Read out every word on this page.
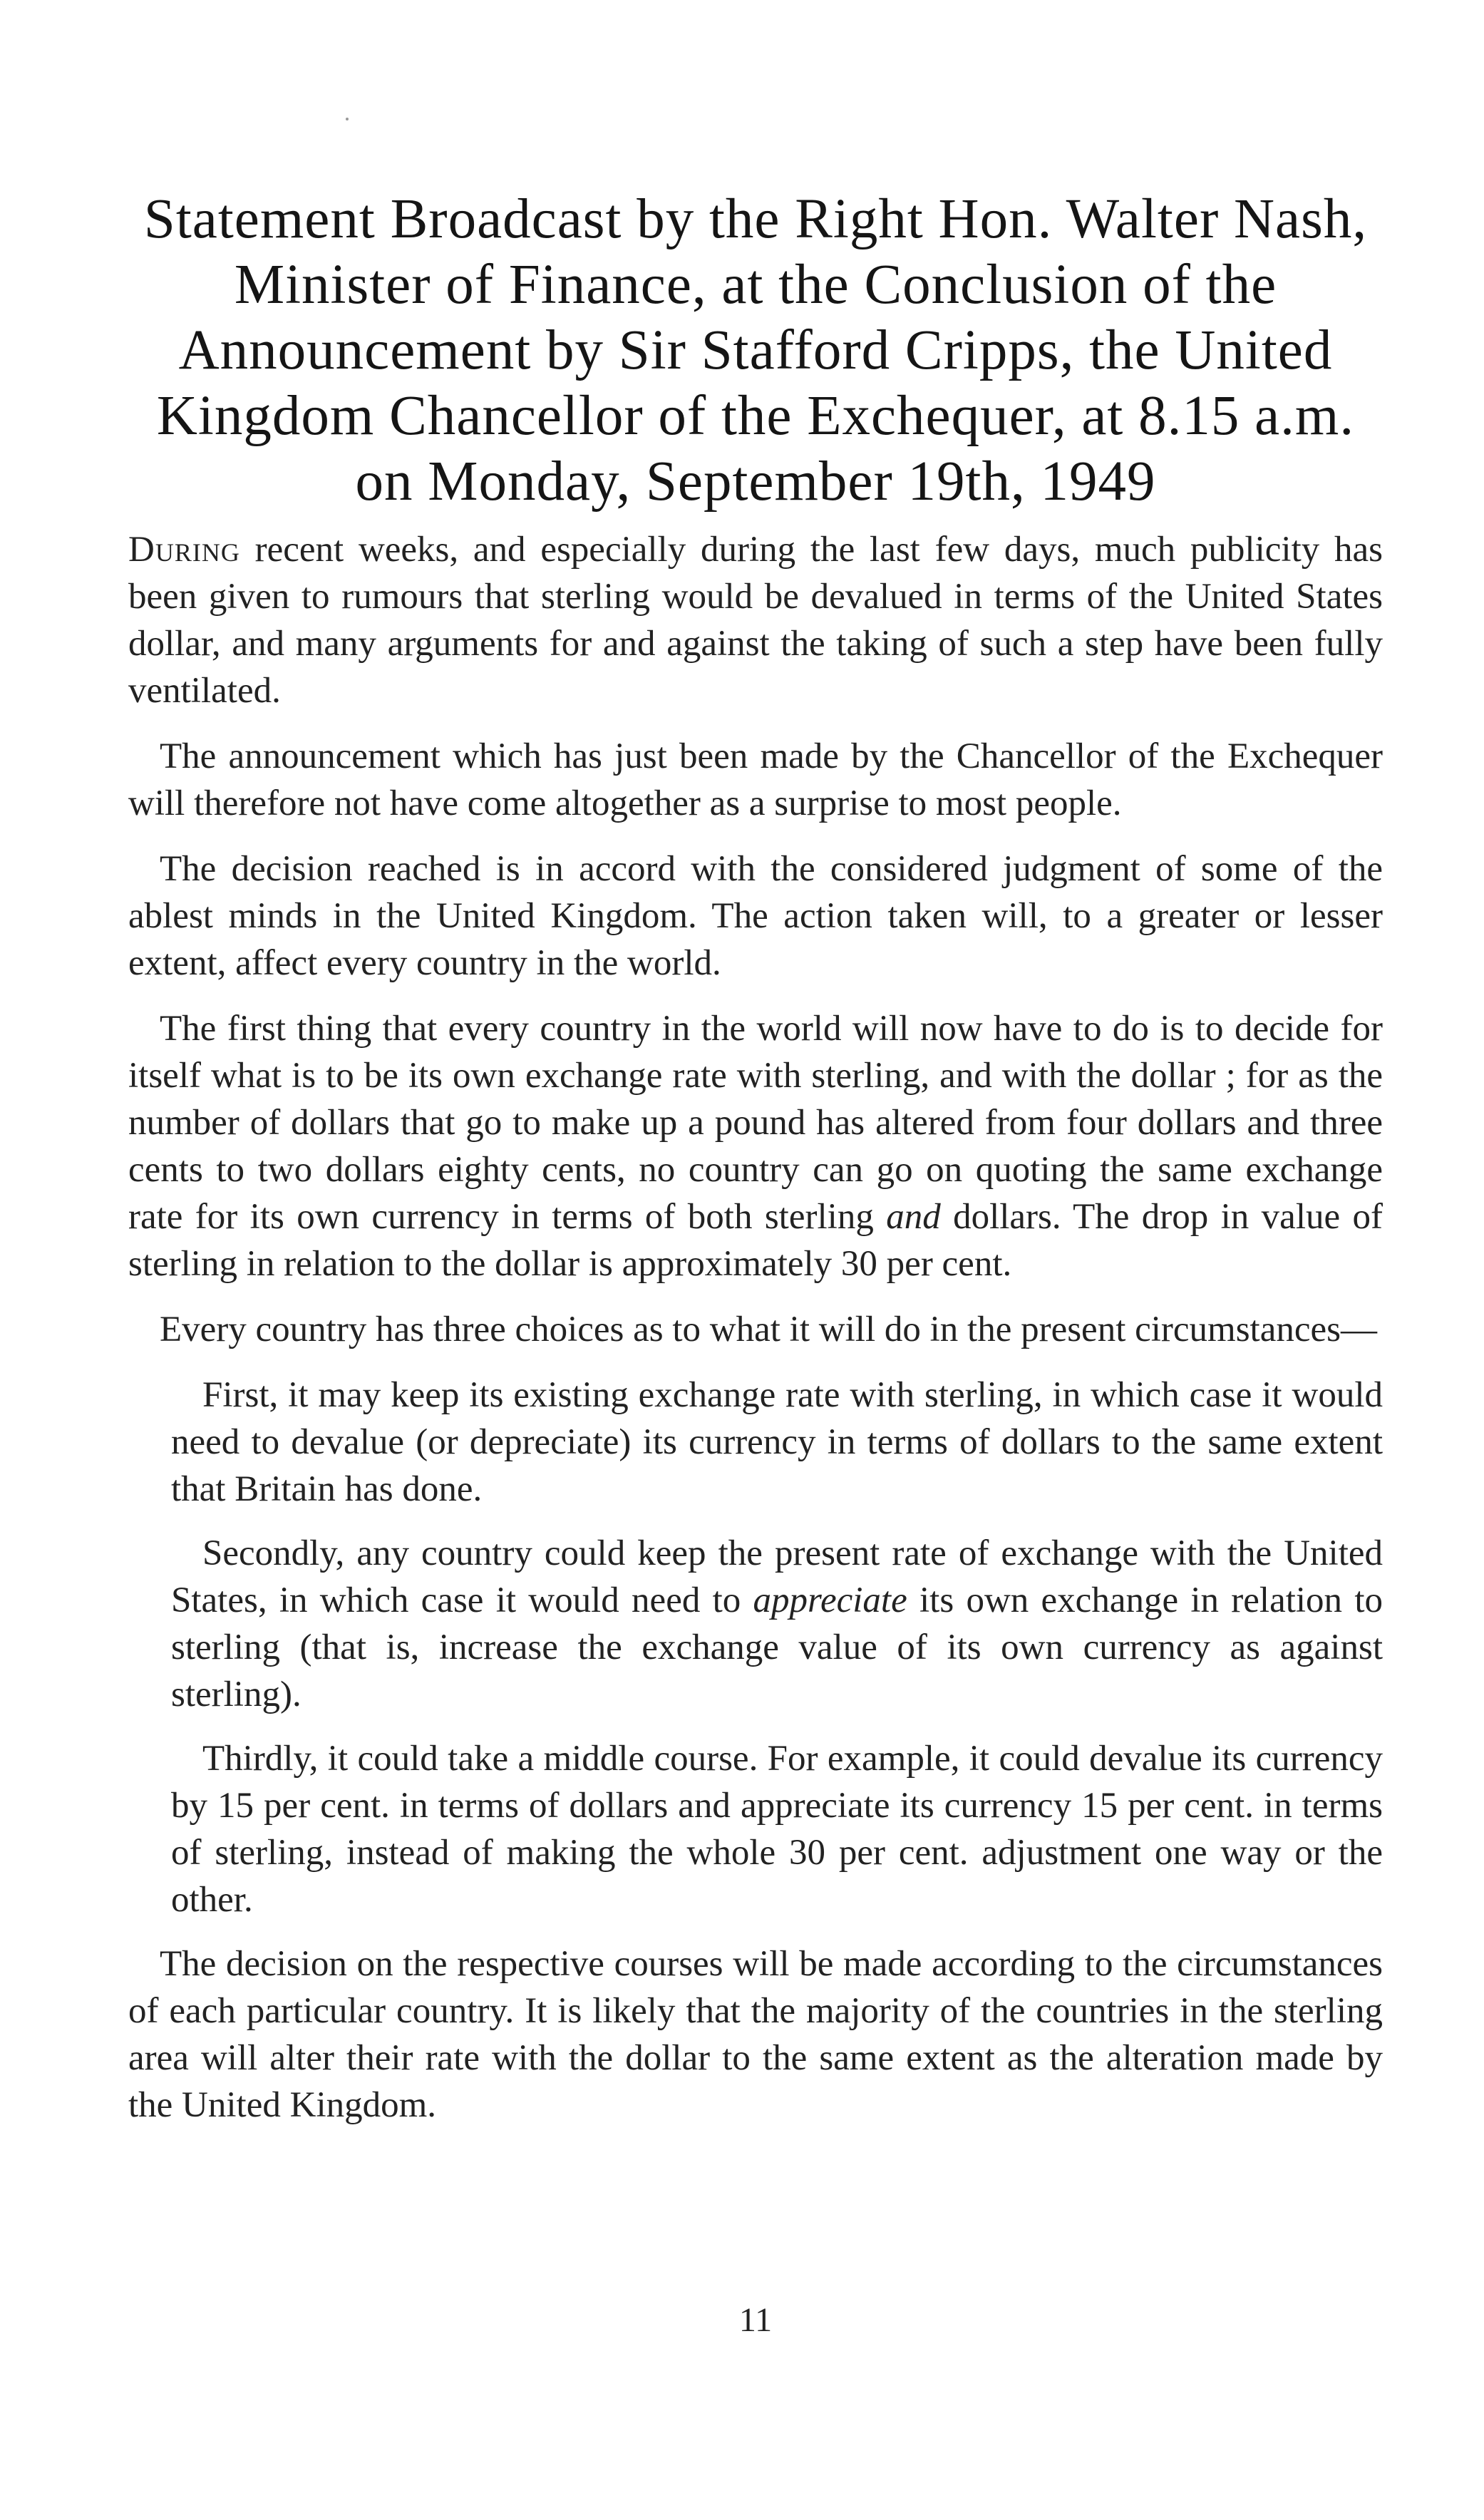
Statement Broadcast by the Right Hon. Walter Nash, Minister of Finance, at the Conclusion of the Announcement by Sir Stafford Cripps, the United Kingdom Chancellor of the Exchequer, at 8.15 a.m. on Monday, September 19th, 1949

During recent weeks, and especially during the last few days, much publicity has been given to rumours that sterling would be devalued in terms of the United States dollar, and many arguments for and against the taking of such a step have been fully ventilated.

The announcement which has just been made by the Chancellor of the Exchequer will therefore not have come altogether as a surprise to most people.

The decision reached is in accord with the considered judgment of some of the ablest minds in the United Kingdom. The action taken will, to a greater or lesser extent, affect every country in the world.

The first thing that every country in the world will now have to do is to decide for itself what is to be its own exchange rate with sterling, and with the dollar ; for as the number of dollars that go to make up a pound has altered from four dollars and three cents to two dollars eighty cents, no country can go on quoting the same exchange rate for its own currency in terms of both sterling and dollars. The drop in value of sterling in relation to the dollar is approximately 30 per cent.

Every country has three choices as to what it will do in the present circumstances—

First, it may keep its existing exchange rate with sterling, in which case it would need to devalue (or depreciate) its currency in terms of dollars to the same extent that Britain has done.

Secondly, any country could keep the present rate of exchange with the United States, in which case it would need to appreciate its own exchange in relation to sterling (that is, increase the exchange value of its own currency as against sterling).

Thirdly, it could take a middle course. For example, it could devalue its currency by 15 per cent. in terms of dollars and appreciate its currency 15 per cent. in terms of sterling, instead of making the whole 30 per cent. adjustment one way or the other.

The decision on the respective courses will be made according to the circumstances of each particular country. It is likely that the majority of the countries in the sterling area will alter their rate with the dollar to the same extent as the alteration made by the United Kingdom.

11
